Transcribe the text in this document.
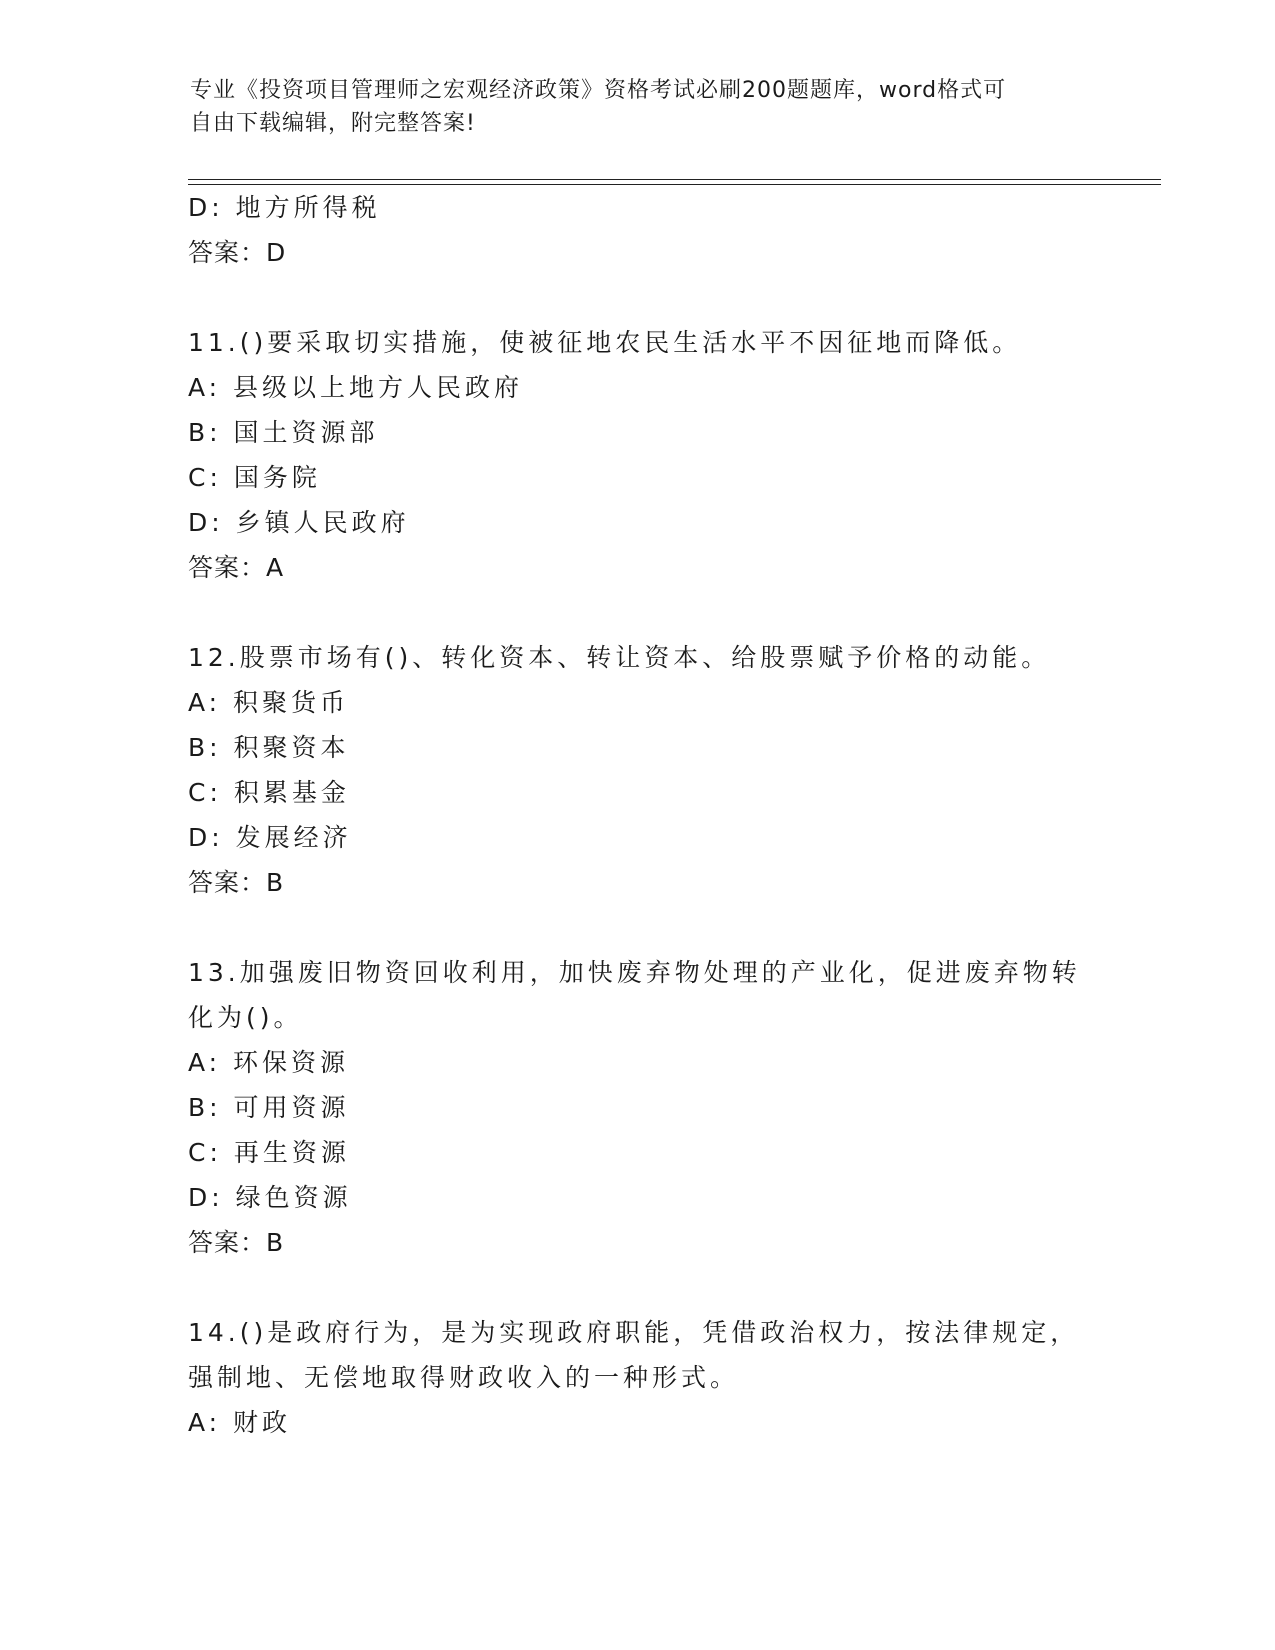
专业《投资项目管理师之宏观经济政策》资格考试必刷200题题库，word格式可
自由下载编辑，附完整答案!
D: 地方所得税
答案：D
11.()要采取切实措施，使被征地农民生活水平不因征地而降低。
A: 县级以上地方人民政府
B: 国土资源部
C: 国务院
D: 乡镇人民政府
答案：A
12.股票市场有()、转化资本、转让资本、给股票赋予价格的动能。
A: 积聚货币
B: 积聚资本
C: 积累基金
D: 发展经济
答案：B
13.加强废旧物资回收利用，加快废弃物处理的产业化，促进废弃物转
化为()。
A: 环保资源
B: 可用资源
C: 再生资源
D: 绿色资源
答案：B
14.()是政府行为，是为实现政府职能，凭借政治权力，按法律规定，
强制地、无偿地取得财政收入的一种形式。
A: 财政
